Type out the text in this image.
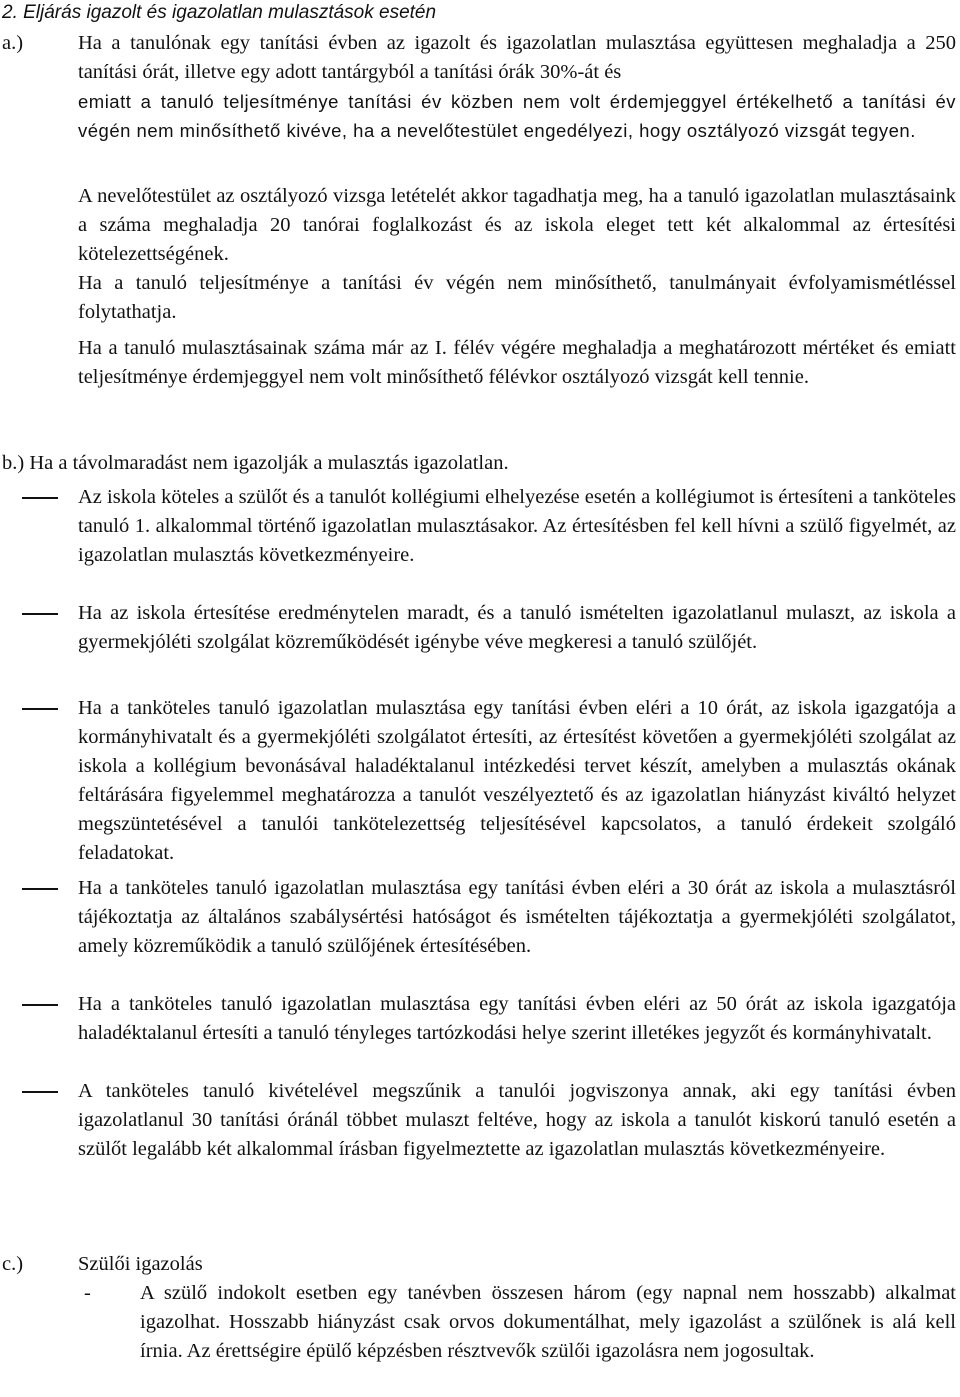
2. Eljárás igazolt és igazolatlan mulasztások esetén
a.)	Ha a tanulónak egy tanítási évben az igazolt és igazolatlan mulasztása együttesen meghaladja a 250 tanítási órát, illetve egy adott tantárgyból a tanítási órák 30%-át és
emiatt a tanuló teljesítménye tanítási év közben nem volt érdemjeggyel értékelhető a tanítási év végén nem minősíthető kivéve, ha a nevelőtestület engedélyezi, hogy osztályozó vizsgát tegyen.
A nevelőtestület az osztályozó vizsga letételét akkor tagadhatja meg, ha a tanuló igazolatlan mulasztásaink a száma meghaladja 20 tanórai foglalkozást és az iskola eleget tett két alkalommal az értesítési kötelezettségének.
Ha a tanuló teljesítménye a tanítási év végén nem minősíthető, tanulmányait évfolyamismétléssel folytathatja.
Ha a tanuló mulasztásainak száma már az I. félév végére meghaladja a meghatározott mértéket és emiatt teljesítménye érdemjeggyel nem volt minősíthető félévkor osztályozó vizsgát kell tennie.
b.) Ha a távolmaradást nem igazolják a mulasztás igazolatlan.
Az iskola köteles a szülőt és a tanulót kollégiumi elhelyezése esetén a kollégiumot is értesíteni a tanköteles tanuló 1. alkalommal történő igazolatlan mulasztásakor. Az értesítésben fel kell hívni a szülő figyelmét, az igazolatlan mulasztás következményeire.
Ha az iskola értesítése eredménytelen maradt, és a tanuló ismételten igazolatlanul mulaszt, az iskola a gyermekjóléti szolgálat közreműködését igénybe véve megkeresi a tanuló szülőjét.
Ha a tanköteles tanuló igazolatlan mulasztása egy tanítási évben eléri a 10 órát, az iskola igazgatója a kormányhivatalt és a gyermekjóléti szolgálatot értesíti, az értesítést követően a gyermekjóléti szolgálat az iskola a kollégium bevonásával haladéktalanul intézkedési tervet készít, amelyben a mulasztás okának feltárására figyelemmel meghatározza a tanulót veszélyeztető és az igazolatlan hiányzást kiváltó helyzet megszüntetésével a tanulói tankötelezettség teljesítésével kapcsolatos, a tanuló érdekeit szolgáló feladatokat.
Ha a tanköteles tanuló igazolatlan mulasztása egy tanítási évben eléri a 30 órát az iskola a mulasztásról tájékoztatja az általános szabálysértési hatóságot és ismételten tájékoztatja a gyermekjóléti szolgálatot, amely közreműködik a tanuló szülőjének értesítésében.
Ha a tanköteles tanuló igazolatlan mulasztása egy tanítási évben eléri az 50 órát az iskola igazgatója haladéktalanul értesíti a tanuló tényleges tartózkodási helye szerint illetékes jegyzőt és kormányhivatalt.
A tanköteles tanuló kivételével megszűnik a tanulói jogviszonya annak, aki egy tanítási évben igazolatlanul 30 tanítási óránál többet mulaszt feltéve, hogy az iskola a tanulót kiskorú tanuló esetén a szülőt legalább két alkalommal írásban figyelmeztette az igazolatlan mulasztás következményeire.
c.)	Szülői igazolás
- A szülő indokolt esetben egy tanévben összesen három (egy napnal nem hosszabb) alkalmat igazolhat. Hosszabb hiányzást csak orvos dokumentálhat, mely igazolást a szülőnek is alá kell írnia. Az érettségire épülő képzésben résztvevők szülői igazolásra nem jogosultak.
